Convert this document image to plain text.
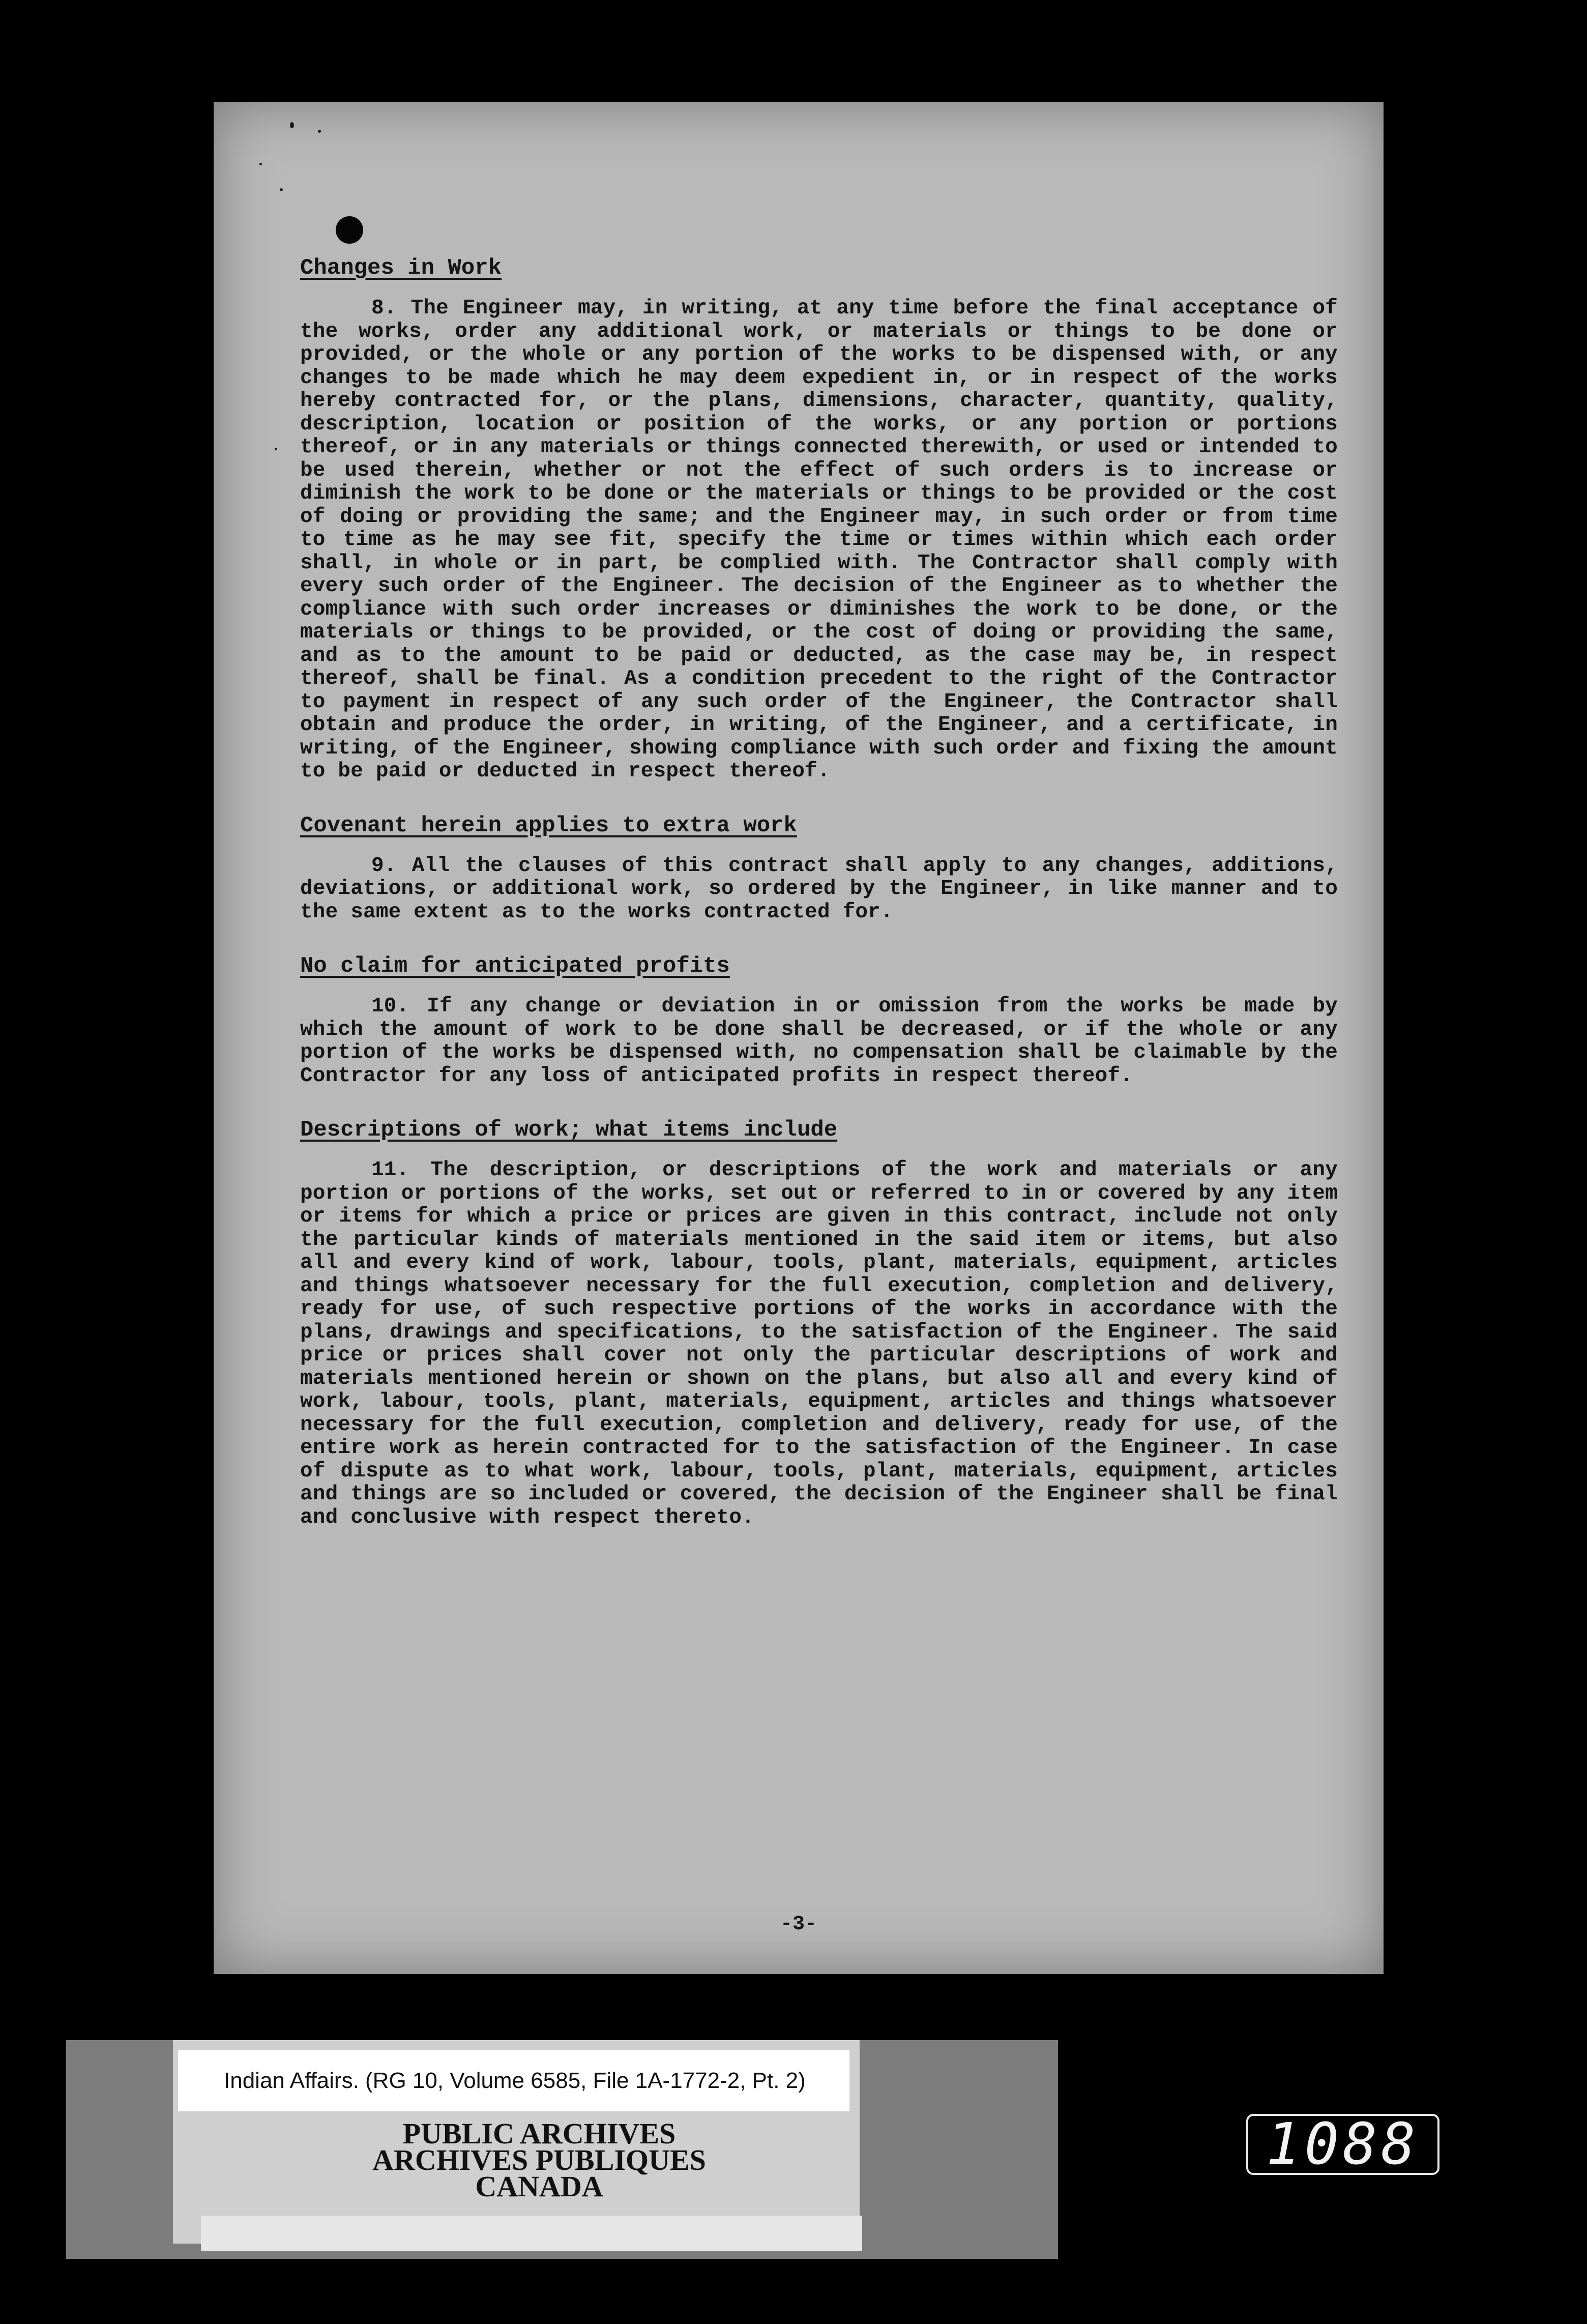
Changes in Work

8. The Engineer may, in writing, at any time before the final acceptance of the works, order any additional work, or materials or things to be done or provided, or the whole or any portion of the works to be dispensed with, or any changes to be made which he may deem expedient in, or in respect of the works hereby contracted for, or the plans, dimensions, character, quantity, quality, description, location or position of the works, or any portion or portions thereof, or in any materials or things connected therewith, or used or intended to be used therein, whether or not the effect of such orders is to increase or diminish the work to be done or the materials or things to be provided or the cost of doing or providing the same; and the Engineer may, in such order or from time to time as he may see fit, specify the time or times within which each order shall, in whole or in part, be complied with. The Contractor shall comply with every such order of the Engineer. The decision of the Engineer as to whether the compliance with such order increases or diminishes the work to be done, or the materials or things to be provided, or the cost of doing or providing the same, and as to the amount to be paid or deducted, as the case may be, in respect thereof, shall be final. As a condition precedent to the right of the Contractor to payment in respect of any such order of the Engineer, the Contractor shall obtain and produce the order, in writing, of the Engineer, and a certificate, in writing, of the Engineer, showing compliance with such order and fixing the amount to be paid or deducted in respect thereof.

Covenant herein applies to extra work

9. All the clauses of this contract shall apply to any changes, additions, deviations, or additional work, so ordered by the Engineer, in like manner and to the same extent as to the works contracted for.

No claim for anticipated profits

10. If any change or deviation in or omission from the works be made by which the amount of work to be done shall be decreased, or if the whole or any portion of the works be dispensed with, no compensation shall be claimable by the Contractor for any loss of anticipated profits in respect thereof.

Descriptions of work; what items include

11. The description, or descriptions of the work and materials or any portion or portions of the works, set out or referred to in or covered by any item or items for which a price or prices are given in this contract, include not only the particular kinds of materials mentioned in the said item or items, but also all and every kind of work, labour, tools, plant, materials, equipment, articles and things whatsoever necessary for the full execution, completion and delivery, ready for use, of such respective portions of the works in accordance with the plans, drawings and specifications, to the satisfaction of the Engineer. The said price or prices shall cover not only the particular descriptions of work and materials mentioned herein or shown on the plans, but also all and every kind of work, labour, tools, plant, materials, equipment, articles and things whatsoever necessary for the full execution, completion and delivery, ready for use, of the entire work as herein contracted for to the satisfaction of the Engineer. In case of dispute as to what work, labour, tools, plant, materials, equipment, articles and things are so included or covered, the decision of the Engineer shall be final and conclusive with respect thereto.

-3-
Indian Affairs. (RG 10, Volume 6585, File 1A-1772-2, Pt. 2)
PUBLIC ARCHIVES
ARCHIVES PUBLIQUES
CANADA
1088
